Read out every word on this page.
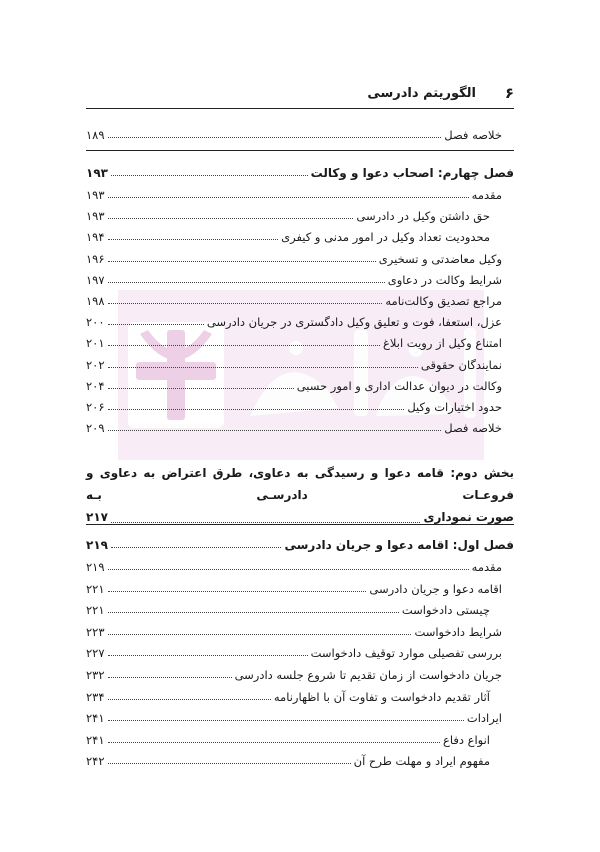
۶
الگوریتم دادرسی
خلاصه فصل
۱۸۹
فصل چهارم: اصحاب دعوا و وکالت
۱۹۳
مقدمه
۱۹۳
حق داشتن وکیل در دادرسی
۱۹۳
محدودیت تعداد وکیل در امور مدنی و کیفری
۱۹۴
وکیل معاضدتی و تسخیری
۱۹۶
شرایط وکالت در دعاوی
۱۹۷
مراجع تصدیق وکالت‌نامه
۱۹۸
عزل، استعفا، فوت و تعلیق وکیل دادگستری در جریان دادرسی
۲۰۰
امتناع وکیل از رویت ابلاغ
۲۰۱
نمایندگان حقوقی
۲۰۲
وکالت در دیوان عدالت اداری و امور حسبی
۲۰۴
حدود اختیارات وکیل
۲۰۶
خلاصه فصل
۲۰۹
فصل اول: اقامه دعوا و جریان دادرسی
۲۱۹
مقدمه
۲۱۹
اقامه دعوا و جریان دادرسی
۲۲۱
چیستی دادخواست
۲۲۱
شرایط دادخواست
۲۲۳
بررسی تفصیلی موارد توقیف دادخواست
۲۲۷
جریان دادخواست از زمان تقدیم تا شروع جلسه دادرسی
۲۳۲
آثار تقدیم دادخواست و تفاوت آن با اظهارنامه
۲۳۴
ایرادات
۲۴۱
انواع دفاع
۲۴۱
مفهوم ایراد و مهلت طرح آن
۲۴۲
بخش دوم: قامه دعوا و رسیدگی به دعاوی، طرق اعتراض به دعاوی و فروعـات دادرسـی بـه
صورت نموداری
۲۱۷
